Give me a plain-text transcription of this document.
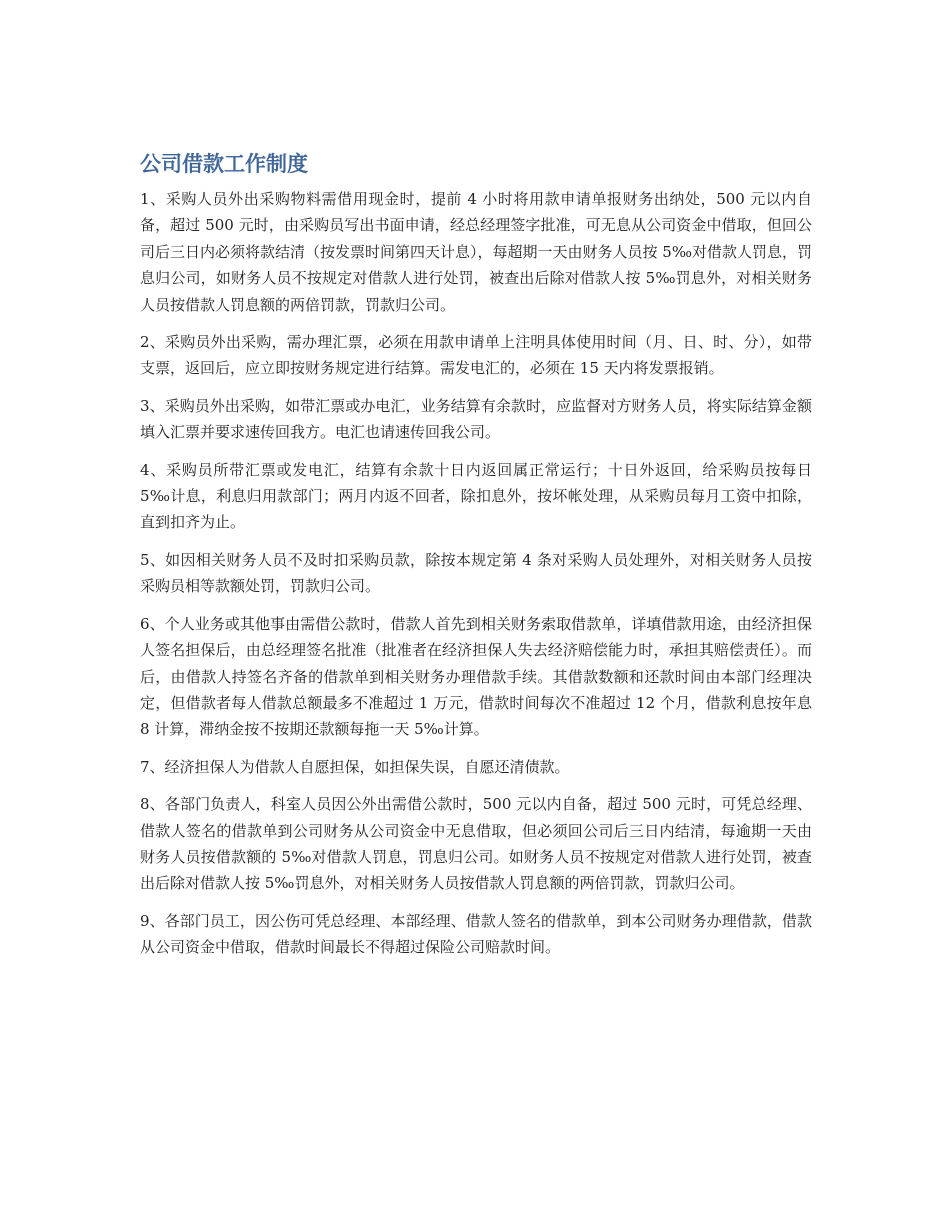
公司借款工作制度

1、采购人员外出采购物料需借用现金时，提前 4 小时将用款申请单报财务出纳处，500 元以内自备，超过 500 元时，由采购员写出书面申请，经总经理签字批准，可无息从公司资金中借取，但回公司后三日内必须将款结清（按发票时间第四天计息），每超期一天由财务人员按 5‰对借款人罚息，罚息归公司，如财务人员不按规定对借款人进行处罚，被查出后除对借款人按 5‰罚息外，对相关财务人员按借款人罚息额的两倍罚款，罚款归公司。

2、采购员外出采购，需办理汇票，必须在用款申请单上注明具体使用时间（月、日、时、分），如带支票，返回后，应立即按财务规定进行结算。需发电汇的，必须在 15 天内将发票报销。

3、采购员外出采购，如带汇票或办电汇，业务结算有余款时，应监督对方财务人员，将实际结算金额填入汇票并要求速传回我方。电汇也请速传回我公司。

4、采购员所带汇票或发电汇，结算有余款十日内返回属正常运行；十日外返回，给采购员按每日 5‰计息，利息归用款部门；两月内返不回者，除扣息外，按坏帐处理，从采购员每月工资中扣除，直到扣齐为止。

5、如因相关财务人员不及时扣采购员款，除按本规定第 4 条对采购人员处理外，对相关财务人员按采购员相等款额处罚，罚款归公司。

6、个人业务或其他事由需借公款时，借款人首先到相关财务索取借款单，详填借款用途，由经济担保人签名担保后，由总经理签名批准（批准者在经济担保人失去经济赔偿能力时，承担其赔偿责任）。而后，由借款人持签名齐备的借款单到相关财务办理借款手续。其借款数额和还款时间由本部门经理决定，但借款者每人借款总额最多不准超过 1 万元，借款时间每次不准超过 12 个月，借款利息按年息 8 计算，滞纳金按不按期还款额每拖一天 5‰计算。

7、经济担保人为借款人自愿担保，如担保失误，自愿还清债款。

8、各部门负责人，科室人员因公外出需借公款时，500 元以内自备，超过 500 元时，可凭总经理、借款人签名的借款单到公司财务从公司资金中无息借取，但必须回公司后三日内结清，每逾期一天由财务人员按借款额的 5‰对借款人罚息，罚息归公司。如财务人员不按规定对借款人进行处罚，被查出后除对借款人按 5‰罚息外，对相关财务人员按借款人罚息额的两倍罚款，罚款归公司。

9、各部门员工，因公伤可凭总经理、本部经理、借款人签名的借款单，到本公司财务办理借款，借款从公司资金中借取，借款时间最长不得超过保险公司赔款时间。
